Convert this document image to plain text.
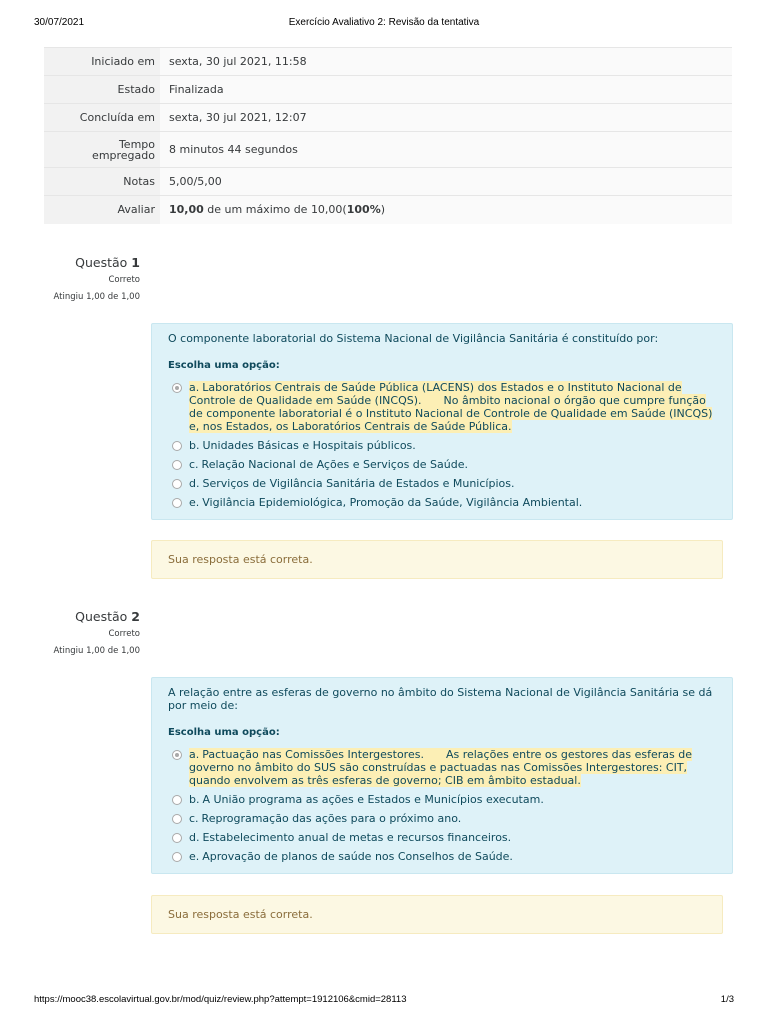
30/07/2021	Exercício Avaliativo 2: Revisão da tentativa
Iniciado em	sexta, 30 jul 2021, 11:58
Estado	Finalizada
Concluída em	sexta, 30 jul 2021, 12:07

Tempo
empregado	8 minutos 44 segundos
Notas	5,00/5,00
Avaliar	10,00 de um máximo de 10,00(100%)
Questão 1
Correto
Atingiu 1,00 de 1,00
O componente laboratorial do Sistema Nacional de Vigilância Sanitária é constituído por:
Escolha uma opção:
a. Laboratórios Centrais de Saúde Pública (LACENS) dos Estados e o Instituto Nacional de Controle de Qualidade em Saúde (INCQS). No âmbito nacional o órgão que cumpre função de componente laboratorial é o Instituto Nacional de Controle de Qualidade em Saúde (INCQS) e, nos Estados, os Laboratórios Centrais de Saúde Pública.
b. Unidades Básicas e Hospitais públicos.
c. Relação Nacional de Ações e Serviços de Saúde.
d. Serviços de Vigilância Sanitária de Estados e Municípios.
e. Vigilância Epidemiológica, Promoção da Saúde, Vigilância Ambiental.
Sua resposta está correta.
Questão 2
Correto
Atingiu 1,00 de 1,00
A relação entre as esferas de governo no âmbito do Sistema Nacional de Vigilância Sanitária se dá por meio de:
Escolha uma opção:
a. Pactuação nas Comissões Intergestores. As relações entre os gestores das esferas de governo no âmbito do SUS são construídas e pactuadas nas Comissões Intergestores: CIT, quando envolvem as três esferas de governo; CIB em âmbito estadual.
b. A União programa as ações e Estados e Municípios executam.
c. Reprogramação das ações para o próximo ano.
d. Estabelecimento anual de metas e recursos financeiros.
e. Aprovação de planos de saúde nos Conselhos de Saúde.
Sua resposta está correta.
https://mooc38.escolavirtual.gov.br/mod/quiz/review.php?attempt=1912106&cmid=28113	1/3
